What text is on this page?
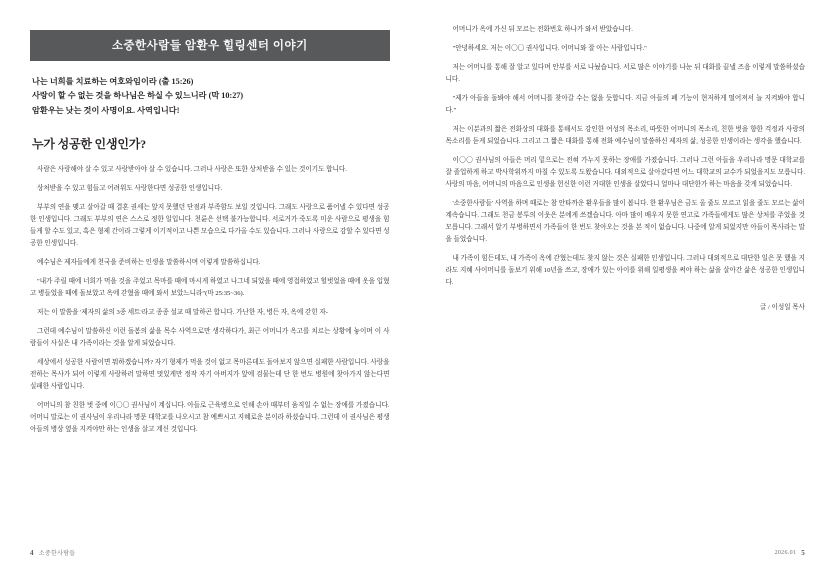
소중한사람들 암환우 힐링센터 이야기
나는 너희를 치료하는 여호와임이라 (출 15:26)
사랑이 할 수 없는 것을 하나님은 하실 수 있느니라 (막 10:27)
암환우는 낫는 것이 사명이요. 사역입니다!
누가 성공한 인생인가?

사람은 사랑해야 살 수 있고 사랑받아야 살 수 있습니다. 그러나 사랑은 또한 상처받을 수 있는 것이기도 합니다.

상처받을 수 있고 힘들고 어려워도 사랑한다면 성공한 인생입니다.

부부의 연을 맺고 살아갈 때 결혼 권세는 앞지 못했던 단점과 부족함도 보일 것입니다. 그래도 사랑으로 품어낼 수 있다면 성공한 인생입니다. 그래도 부부의 연은 스스로 정한 일입니다. 천륜은 선택 불가능합니다. 서로거가 죽도록 미운 사람으로 평생을 힘들게 할 수도 있고, 혹은 형제 간이라 그렇게 이기적이고 나쁜 모습으로 다가올 수도 있습니다. 그러나 사랑으로 감할 수 있다면 성공한 인생입니다.

예수님은 제자들에게 천국을 준비하는 인생을 말씀하시며 이렇게 말씀하십니다.

"내가 주릴 때에 너희가 먹을 것을 주었고 목마를 때에 마시게 하였고 나그네 되었을 때에 영접하였고 헐벗었을 때에 옷을 입혔고 병들었을 때에 돌보았고 옥에 갇혔을 때에 와서 보았느니라"(마 25:35~36).

저는 이 말씀을 '제자의 삶의 3종 세트'라고 종종 설교 때 말하곤 합니다. 가난한 자, 병든 자, 옥에 갇힌 자-

그런데 예수님이 말씀하신 이런 돌봄의 삶을 목수 사역으로만 생각하다가, 최근 어머니가 옥고를 치르는 상황에 놓이며 이 사람들이 사실은 내 가족이라는 것을 알게 되었습니다.

세상에서 성공한 사람이면 뭐하겠습니까? 자기 형제가 먹을 것이 없고 목마른데도 돌아보지 않으면 실패한 사람입니다. 사랑을 전하는 목사가 되어 이렇게 사랑하러 말하면 멋있게만 정작 자기 아버지가 앞에 검물는데 단 한 번도 병원에 찾아가지 않는다면 실패한 사람입니다.

어머니의 참 친한 벗 중에 이〇〇 권사님이 계십니다. 아들로 근육병으로 인해 손아 때부터 움직일 수 없는 장애를 가졌습니다. 어머니 말로는 이 권사님이 우리나라 명문 대학교를 나오시고 참 예쁘시고 지혜로운 분이라 하셨습니다. 그런데 이 권사님은 평생 아들의 병상 옆을 지켜야만 하는 인생을 살고 계신 것입니다.

4 소중한사람들

어머니가 옥에 가신 뒤 모르는 전화번호 하나가 와서 받았습니다.

"안녕하세요. 저는 이〇〇 권사입니다. 어머니와 잘 아는 사람입니다."

저는 어머니를 통해 잘 알고 있다며 안부를 서로 나눴습니다. 서로 많은 이야기를 나눈 뒤 대화를 끝낼 즈음 이렇게 말씀하셨습니다.

"제가 아들을 돌봐야 해서 어머니를 찾아갈 수는 없을 듯합니다. 지금 아들의 폐 기능이 현저하게 떨어져서 늘 지켜봐야 합니다."

저는 이분과의 짧은 전화상의 대화를 통해서도 강인한 여성의 목소리, 따뜻한 어머니의 목소리, 친한 벗을 향한 걱정과 사랑의 목소리를 듣게 되었습니다. 그리고 그 짧은 대화를 통해 전화 예수님이 말씀하신 제자의 삶, 성공한 인생이라는 생각을 했습니다.

이〇〇 권사님의 아들은 머리 밑으로는 전혀 가누지 못하는 장애를 가졌습니다. 그러나 그런 아들을 우리나라 명문 대학교를 잘 졸업하게 하고 박사학위까지 마칠 수 있도록 도왔습니다. 대외적으로 살아갔다면 어느 대학교의 교수가 되었을지도 모릅니다. 사랑의 마음, 어머니의 마음으로 인생을 헌신한 이런 거대한 인생을 살았다니 얼마나 대단한가 하는 마음을 갖게 되었습니다.

'소중한사람들' 사역을 하며 때로는 참 안타까운 환우들을 많이 봅니다. 한 환우님은 금도 올 줄도 모르고 읽을 줄도 모르는 삶이 계속습니다. 그래도 천금 봉투의 이웃은 분에게 쓰겠습니다. 아마 많이 배우지 못한 연고로 가족들에게도 많은 상처를 주었을 것 모릅니다. 그래서 알기 부병하면서 가족들이 한 번도 찾아오는 것을 본 적이 없습니다. 나중에 알게 되었지만 아들이 목사라는 말을 들었습니다.

내 가족이 힘든데도, 내 가족이 옥에 갇혔는데도 찾지 않는 것은 실패한 인생입니다. 그러나 대외적으로 대단한 일은 못 했을 지라도 지혜 사이머니를 돌보기 위해 10년을 쓰고, 장애가 있는 아이를 위해 일평생을 써야 하는 삶을 살아간 삶은 성공한 인생입니다.

글 / 이성일 목사
2026.01 5
